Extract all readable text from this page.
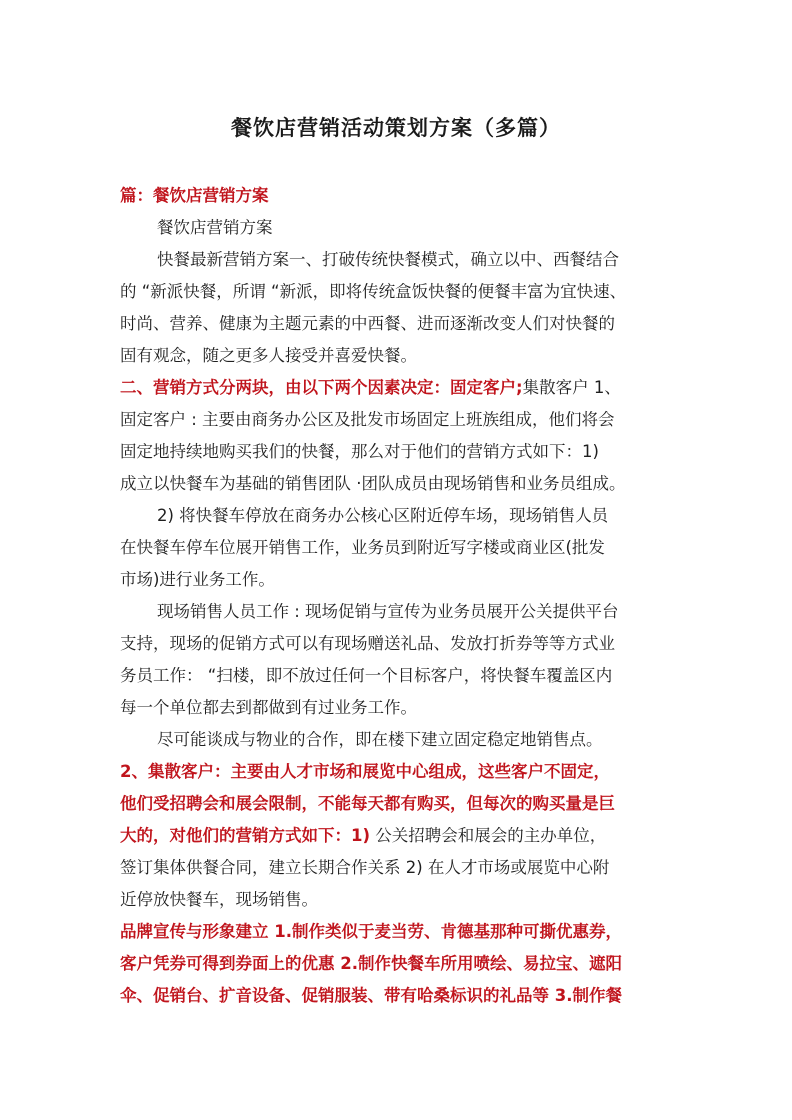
餐饮店营销活动策划方案（多篇）
篇：餐饮店营销方案
餐饮店营销方案
快餐最新营销方案一、打破传统快餐模式，确立以中、西餐结合
的 “新派快餐，所谓 “新派，即将传统盒饭快餐的便餐丰富为宜快速、
时尚、营养、健康为主题元素的中西餐、进而逐渐改变人们对快餐的
固有观念，随之更多人接受并喜爱快餐。
二、营销方式分两块，由以下两个因素决定：固定客户;集散客户 1、
固定客户 : 主要由商务办公区及批发市场固定上班族组成，他们将会
固定地持续地购买我们的快餐，那么对于他们的营销方式如下：1)
成立以快餐车为基础的销售团队 ·团队成员由现场销售和业务员组成。
2) 将快餐车停放在商务办公核心区附近停车场，现场销售人员
在快餐车停车位展开销售工作，业务员到附近写字楼或商业区(批发
市场)进行业务工作。
现场销售人员工作 : 现场促销与宣传为业务员展开公关提供平台
支持，现场的促销方式可以有现场赠送礼品、发放打折券等等方式业
务员工作： “扫楼，即不放过任何一个目标客户，将快餐车覆盖区内
每一个单位都去到都做到有过业务工作。
尽可能谈成与物业的合作，即在楼下建立固定稳定地销售点。
2、集散客户：主要由人才市场和展览中心组成，这些客户不固定，
他们受招聘会和展会限制，不能每天都有购买，但每次的购买量是巨
大的，对他们的营销方式如下：1) 公关招聘会和展会的主办单位，
签订集体供餐合同，建立长期合作关系 2) 在人才市场或展览中心附
近停放快餐车，现场销售。
品牌宣传与形象建立 1.制作类似于麦当劳、肯德基那种可撕优惠券，
客户凭券可得到券面上的优惠 2.制作快餐车所用喷绘、易拉宝、遮阳
伞、促销台、扩音设备、促销服装、带有哈桑标识的礼品等 3.制作餐
